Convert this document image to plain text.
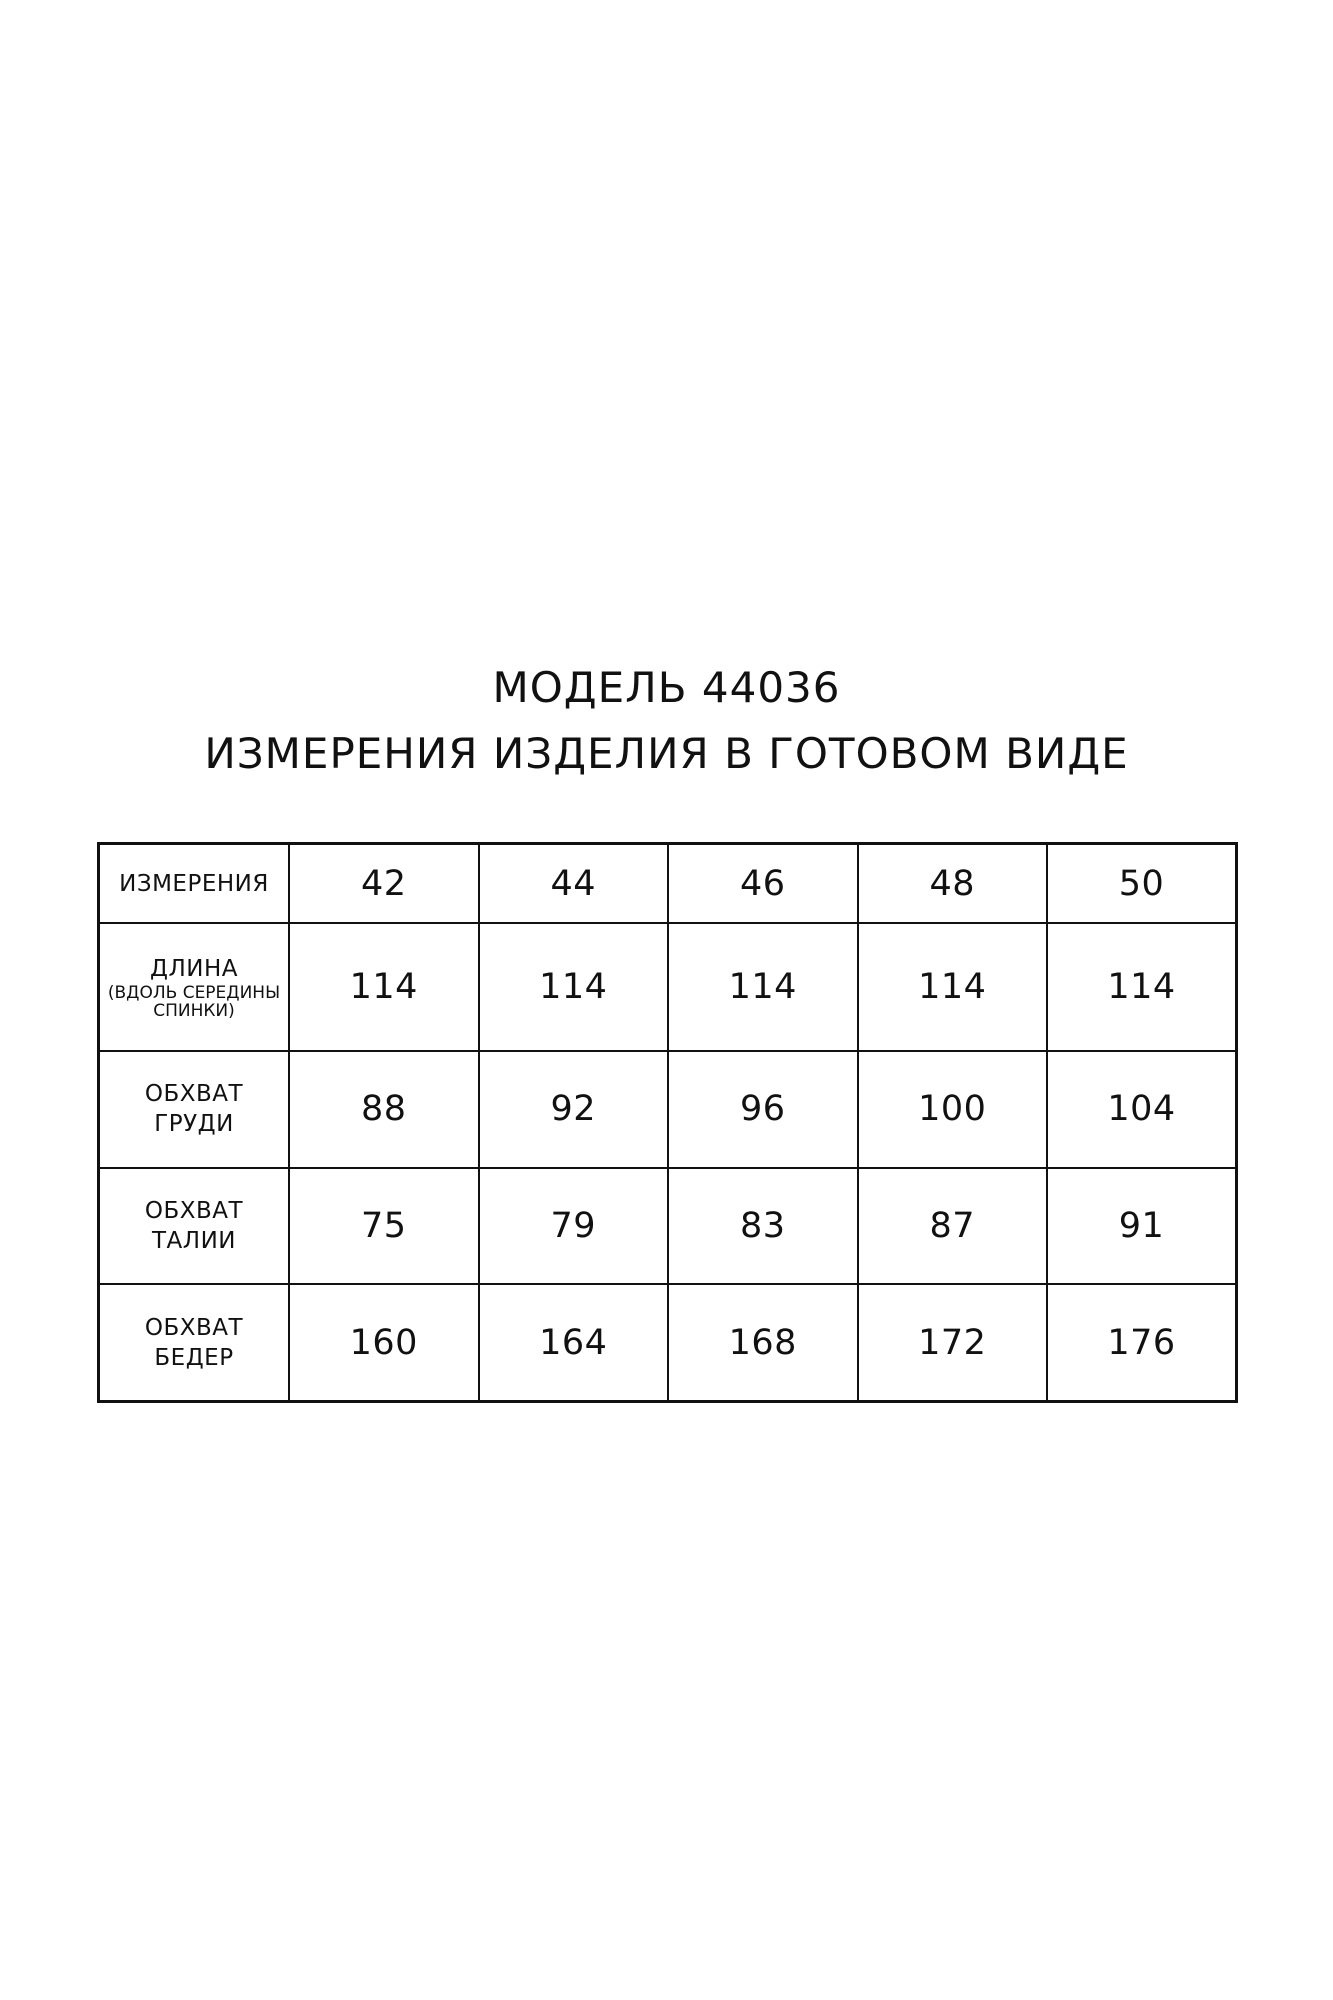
МОДЕЛЬ 44036

ИЗМЕРЕНИЯ ИЗДЕЛИЯ В ГОТОВОМ ВИДЕ

ИЗМЕРЕНИЯ	42	44	46	48	50
ДЛИНА
(ВДОЛЬ СЕРЕДИНЫ
СПИНКИ)	114	114	114	114	114
ОБХВАТ
ГРУДИ	88	92	96	100	104
ОБХВАТ
ТАЛИИ	75	79	83	87	91
ОБХВАТ
БЕДЕР	160	164	168	172	176
